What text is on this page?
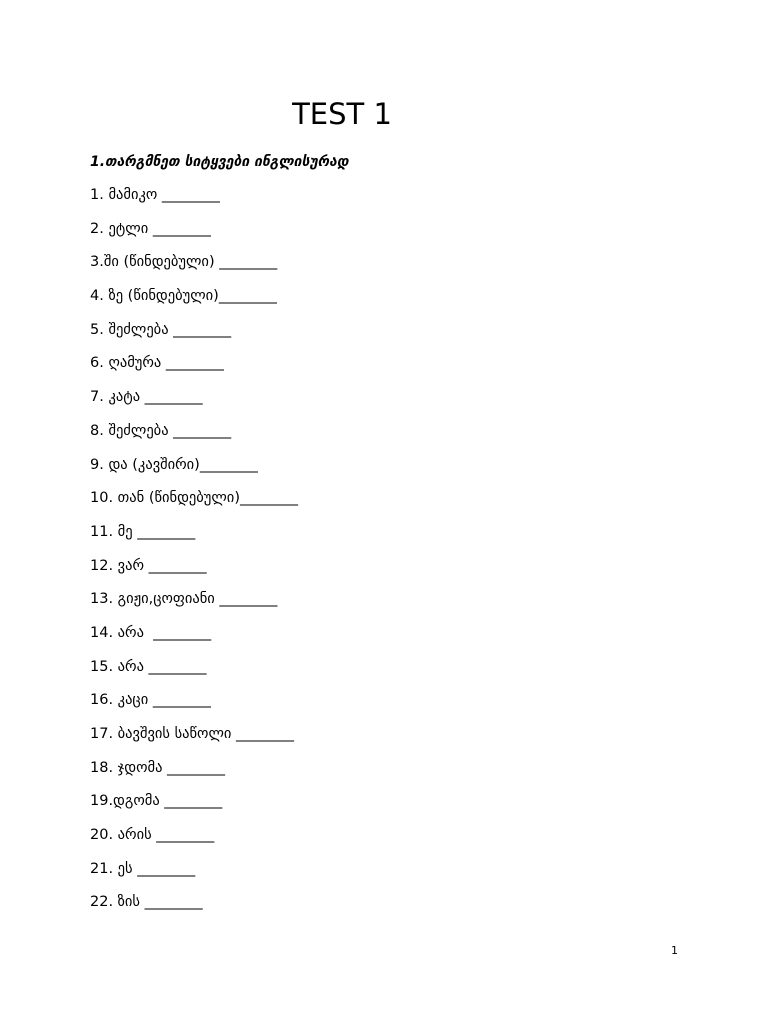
TEST 1

1.თარგმნეთ სიტყვები ინგლისურად

1. მამიკო ________
2. ეტლი ________
3.ში (წინდებული) ________
4. ზე (წინდებული)________
5. შეძლება ________
6. ღამურა ________
7. კატა ________
8. შეძლება ________
9. და (კავშირი)________
10. თან (წინდებული)________
11. მე ________
12. ვარ ________
13. გიჟი,ცოფიანი ________
14. არა  ________
15. არა ________
16. კაცი ________
17. ბავშვის საწოლი ________
18. ჯდომა ________
19.დგომა ________
20. არის ________
21. ეს ________
22. ზის ________
1
